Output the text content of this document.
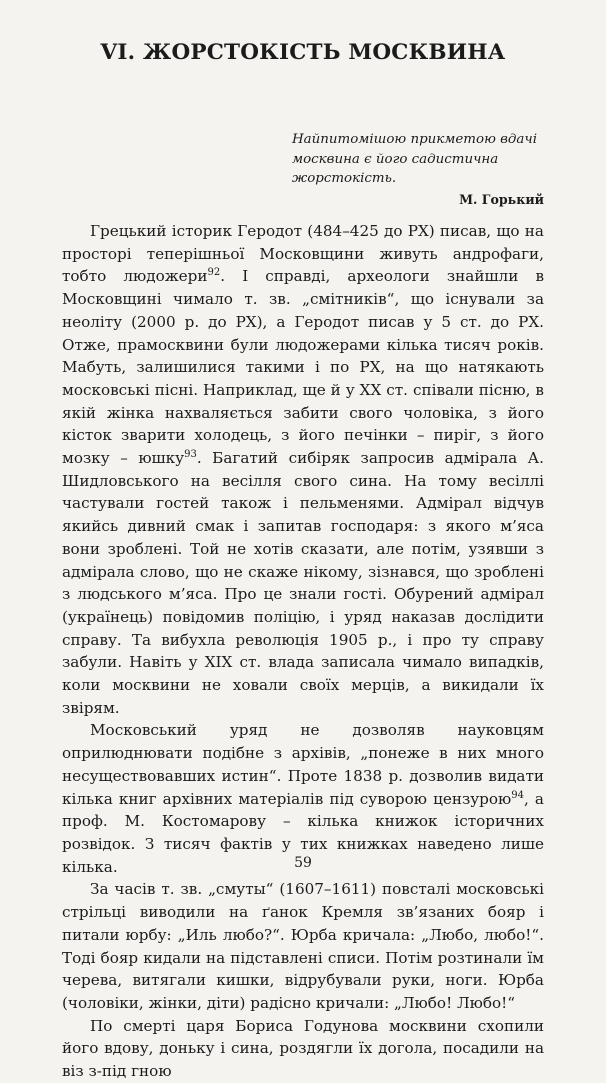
VI. ЖОРСТОКІСТЬ МОСКВИНА

Найпитомішою прикметою вдачі москвина є його садистична жорстокість.

М. Горький

Грецький історик Геродот (484–425 до РХ) писав, що на просторі теперішньої Московщини живуть андрофаги, тобто людожери$^{92}$. І справді, археологи знайшли в Московщині чимало т. зв. „смітників“, що існували за неоліту (2000 р. до РХ), а Геродот писав у 5 ст. до РХ. Отже, прамосквини були людожерами кілька тисяч років. Мабуть, залишилися такими і по РХ, на що натякають московські пісні. Наприклад, ще й у XX ст. співали пісню, в якій жінка нахваляється забити свого чоловіка, з його кісток зварити холодець, з його печінки – пиріг, з його мозку – юшку$^{93}$. Багатий сибіряк запросив адмірала А. Шидловського на весілля свого сина. На тому весіллі частували гостей також і пельменями. Адмірал відчув якийсь дивний смак і запитав господаря: з якого м’яса вони зроблені. Той не хотів сказати, але потім, узявши з адмірала слово, що не скаже нікому, зізнався, що зроблені з людського м’яса. Про це знали гості. Обурений адмірал (українець) повідомив поліцію, і уряд наказав дослідити справу. Та вибухла революція 1905 р., і про ту справу забули. Навіть у XIX ст. влада записала чимало випадків, коли москвини не ховали своїх мерців, а викидали їх звірям.

Московський уряд не дозволяв науковцям оприлюднювати подібне з архівів, „понеже в них много несуществовавших истин“. Проте 1838 р. дозволив видати кілька книг архівних матеріалів під суворою цензурою$^{94}$, а проф. М. Костомарову – кілька книжок історичних розвідок. З тисяч фактів у тих книжках наведено лише кілька.

За часів т. зв. „смуты“ (1607–1611) повсталі московські стрільці виводили на ґанок Кремля зв’язаних бояр і питали юрбу: „Иль любо?“. Юрба кричала: „Любо, любо!“. Тоді бояр кидали на підставлені списи. Потім розтинали їм черева, витягали кишки, відрубували руки, ноги. Юрба (чоловіки, жінки, діти) радісно кричали: „Любо! Любо!“

По смерті царя Бориса Годунова москвини схопили його вдову, доньку і сина, роздягли їх догола, посадили на віз з-під гною

59
